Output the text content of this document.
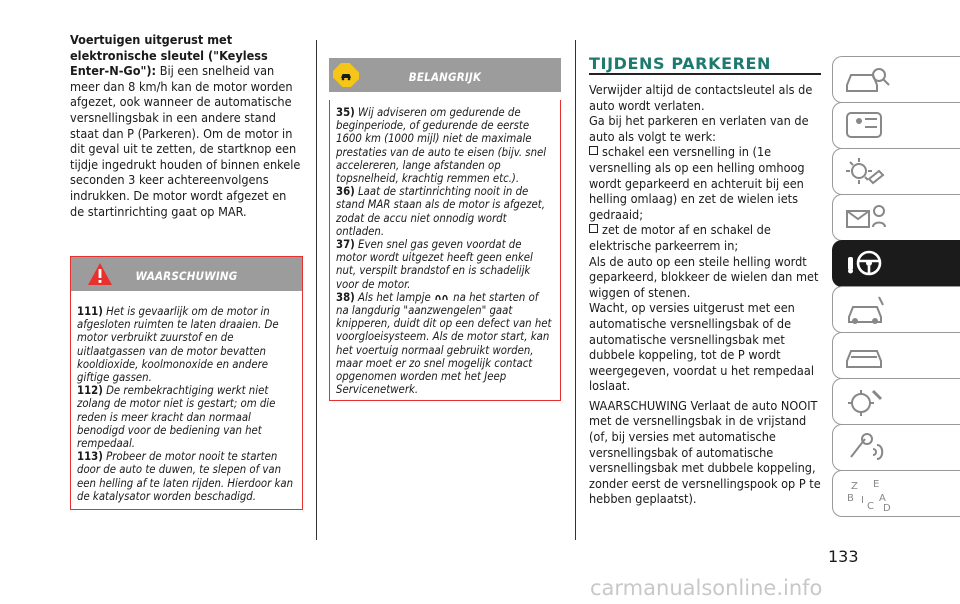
Voertuigen uitgerust met elektronische sleutel ("Keyless Enter-N-Go"): Bij een snelheid van meer dan 8 km/h kan de motor worden afgezet, ook wanneer de automatische versnellingsbak in een andere stand staat dan P (Parkeren). Om de motor in dit geval uit te zetten, de startknop een tijdje ingedrukt houden of binnen enkele seconden 3 keer achtereenvolgens indrukken. De motor wordt afgezet en de startinrichting gaat op MAR.
WAARSCHUWING
111) Het is gevaarlijk om de motor in afgesloten ruimten te laten draaien. De motor verbruikt zuurstof en de uitlaatgassen van de motor bevatten kooldioxide, koolmonoxide en andere giftige gassen.
112) De rembekrachtiging werkt niet zolang de motor niet is gestart; om die reden is meer kracht dan normaal benodigd voor de bediening van het rempedaal.
113) Probeer de motor nooit te starten door de auto te duwen, te slepen of van een helling af te laten rijden. Hierdoor kan de katalysator worden beschadigd.
BELANGRIJK
35) Wij adviseren om gedurende de beginperiode, of gedurende de eerste 1600 km (1000 mijl) niet de maximale prestaties van de auto te eisen (bijv. snel accelereren, lange afstanden op topsnelheid, krachtig remmen etc.).
36) Laat de startinrichting nooit in de stand MAR staan als de motor is afgezet, zodat de accu niet onnodig wordt ontladen.
37) Even snel gas geven voordat de motor wordt uitgezet heeft geen enkel nut, verspilt brandstof en is schadelijk voor de motor.
38) Als het lampje  na het starten of na langdurig "aanzwengelen" gaat knipperen, duidt dit op een defect van het voorgloeisysteem. Als de motor start, kan het voertuig normaal gebruikt worden, maar moet er zo snel mogelijk contact opgenomen worden met het Jeep Servicenetwerk.
TIJDENS PARKEREN

Verwijder altijd de contactsleutel als de auto wordt verlaten.

Ga bij het parkeren en verlaten van de auto als volgt te werk:

schakel een versnelling in (1e versnelling als op een helling omhoog wordt geparkeerd en achteruit bij een helling omlaag) en zet de wielen iets gedraaid;

zet de motor af en schakel de elektrische parkeerrem in;

Als de auto op een steile helling wordt geparkeerd, blokkeer de wielen dan met wiggen of stenen.

Wacht, op versies uitgerust met een automatische versnellingsbak of de automatische versnellingsbak met dubbele koppeling, tot de P wordt weergegeven, voordat u het rempedaal loslaat.

WAARSCHUWING Verlaat de auto NOOIT met de versnellingsbak in de vrijstand (of, bij versies met automatische versnellingsbak of automatische versnellingsbak met dubbele koppeling, zonder eerst de versnellingspook op P te hebben geplaatst).

Z E
B I
C
A
D
133
carmanualsonline.info
